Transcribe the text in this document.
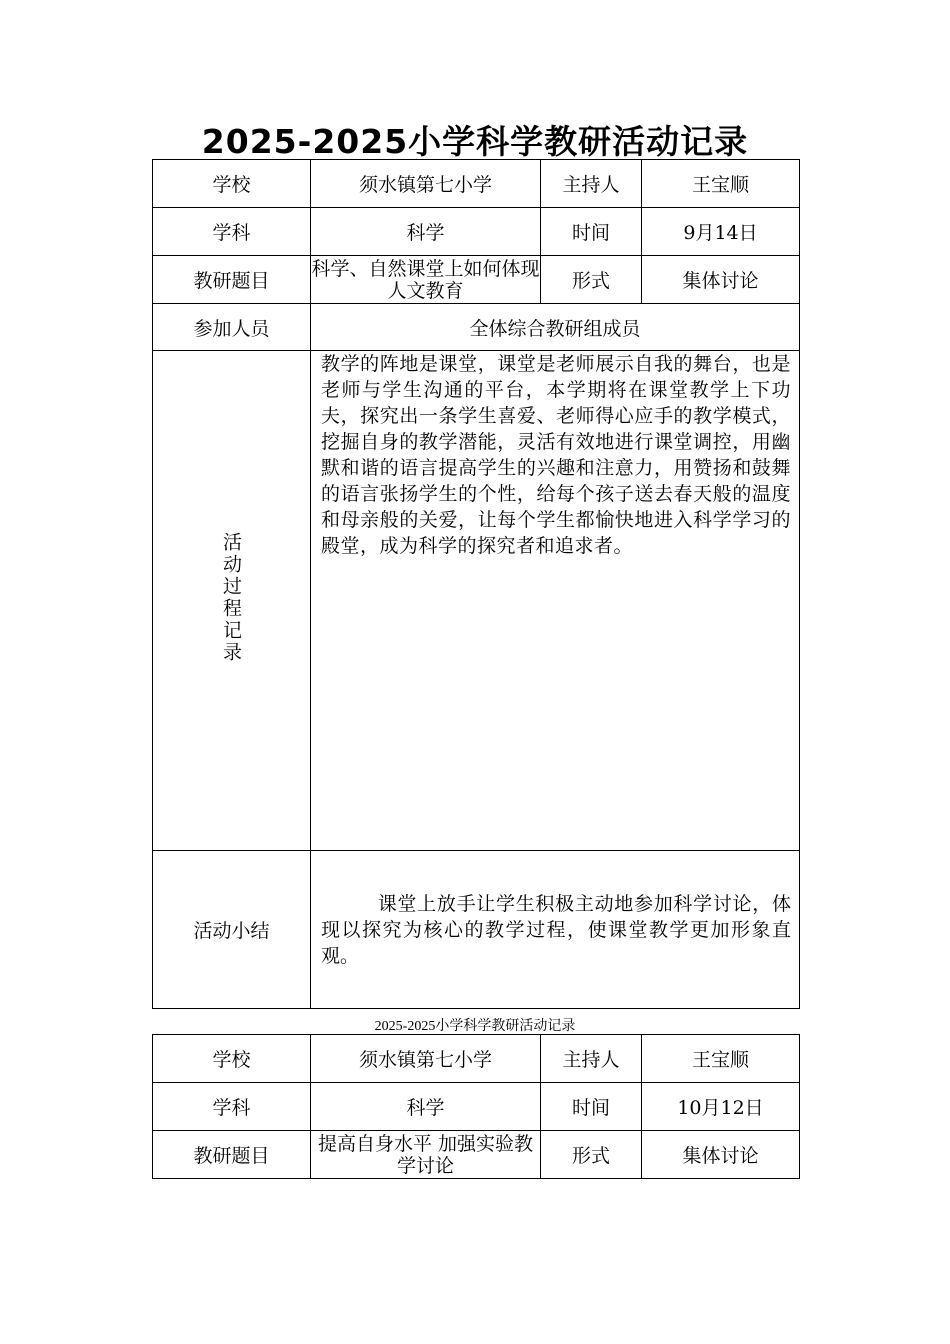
2025-2025小学科学教研活动记录
学校	须水镇第七小学	主持人	王宝顺
学科	科学	时间	9月14日
教研题目	科学、自然课堂上如何体现人文教育	形式	集体讨论
参加人员	全体综合教研组成员		
活动过程记录	教学的阵地是课堂，课堂是老师展示自我的舞台，也是老师与学生沟通的平台，本学期将在课堂教学上下功夫，探究出一条学生喜爱、老师得心应手的教学模式，挖掘自身的教学潜能，灵活有效地进行课堂调控，用幽默和谐的语言提高学生的兴趣和注意力，用赞扬和鼓舞的语言张扬学生的个性，给每个孩子送去春天般的温度和母亲般的关爱，让每个学生都愉快地进入科学学习的殿堂，成为科学的探究者和追求者。		
活动小结	课堂上放手让学生积极主动地参加科学讨论，体现以探究为核心的教学过程，使课堂教学更加形象直观。		
2025-2025小学科学教研活动记录
学校	须水镇第七小学	主持人	王宝顺
学科	科学	时间	10月12日
教研题目	提高自身水平 加强实验教学讨论	形式	集体讨论
